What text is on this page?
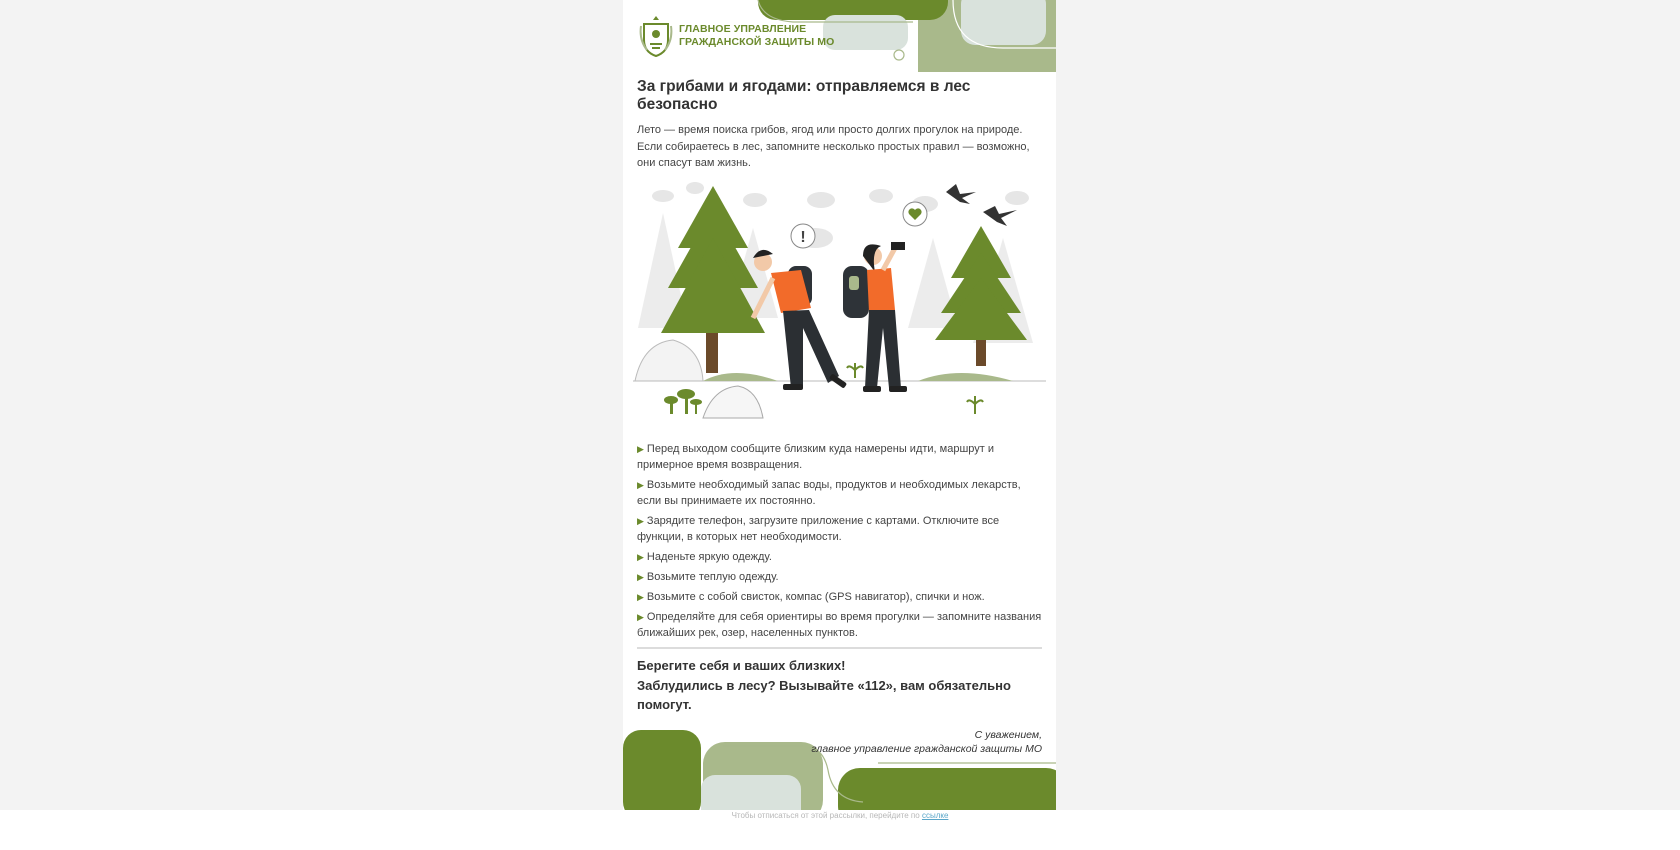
ГЛАВНОЕ УПРАВЛЕНИЕ
ГРАЖДАНСКОЙ ЗАЩИТЫ МО
За грибами и ягодами: отправляемся в лес безопасно
Лето — время поиска грибов, ягод или просто долгих прогулок на природе. Если собираетесь в лес, запомните несколько простых правил — возможно, они спасут вам жизнь.
!
▶ Перед выходом сообщите близким куда намерены идти, маршрут и примерное время возвращения.
▶ Возьмите необходимый запас воды, продуктов и необходимых лекарств, если вы принимаете их постоянно.
▶ Зарядите телефон, загрузите приложение с картами. Отключите все функции, в которых нет необходимости.
▶ Наденьте яркую одежду.
▶ Возьмите теплую одежду.
▶ Возьмите с собой свисток, компас (GPS навигатор), спички и нож.
▶ Определяйте для себя ориентиры во время прогулки — запомните названия ближайших рек, озер, населенных пунктов.
Берегите себя и ваших близких!
Заблудились в лесу? Вызывайте «112», вам обязательно помогут.
С уважением,
главное управление гражданской защиты МО
Чтобы отписаться от этой рассылки, перейдите по ссылке
